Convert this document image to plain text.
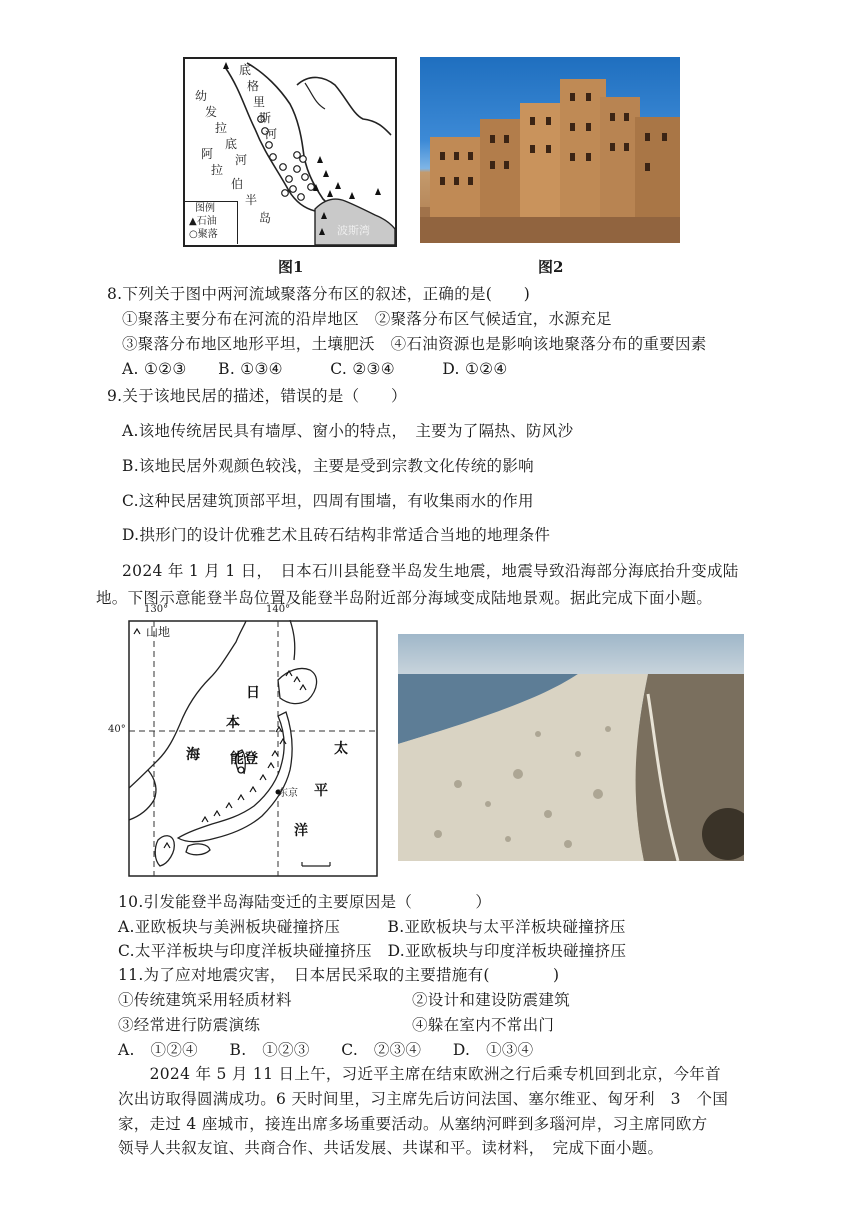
幼
发
拉
底
河
底
格
里
斯
河
阿
拉
伯
半
岛
波斯湾
图例
▲石油
○聚落
图1	图2
8.下列关于图中两河流域聚落分布区的叙述，正确的是(　　)
①聚落主要分布在河流的沿岸地区　②聚落分布区气候适宜，水源充足
③聚落分布地区地形平坦，土壤肥沃　④石油资源也是影响该地聚落分布的重要因素
A. ①②③　　B. ①③④　　　C. ②③④　　　D. ①②④
9.关于该地民居的描述，错误的是（　　）
A.该地传统居民具有墙厚、窗小的特点，　主要为了隔热、防风沙
B.该地民居外观颜色较浅，主要是受到宗教文化传统的影响
C.这种民居建筑顶部平坦，四周有围墙，有收集雨水的作用
D.拱形门的设计优雅艺术且砖石结构非常适合当地的地理条件
2024 年 1 月 1 日，　日本石川县能登半岛发生地震，地震导致沿海部分海底抬升变成陆
地。下图示意能登半岛位置及能登半岛附近部分海域变成陆地景观。据此完成下面小题。
山地
130°	140°
40°
日
本
海 能登
东京
太
平
洋
10.引发能登半岛海陆变迁的主要原因是（　　　　）
A.亚欧板块与美洲板块碰撞挤压　　　B.亚欧板块与太平洋板块碰撞挤压
C.太平洋板块与印度洋板块碰撞挤压　D.亚欧板块与印度洋板块碰撞挤压
11.为了应对地震灾害，　日本居民采取的主要措施有(　　　　)
①传统建筑采用轻质材料	②设计和建设防震建筑
③经常进行防震演练	④躲在室内不常出门
A.　①②④　　B.　①②③　　C.　②③④　　D.　①③④
　　2024 年 5 月 11 日上午，习近平主席在结束欧洲之行后乘专机回到北京，今年首
次出访取得圆满成功。6 天时间里，习主席先后访问法国、塞尔维亚、匈牙利　3　个国
家，走过 4 座城市，接连出席多场重要活动。从塞纳河畔到多瑙河岸，习主席同欧方
领导人共叙友谊、共商合作、共话发展、共谋和平。读材料，　完成下面小题。
